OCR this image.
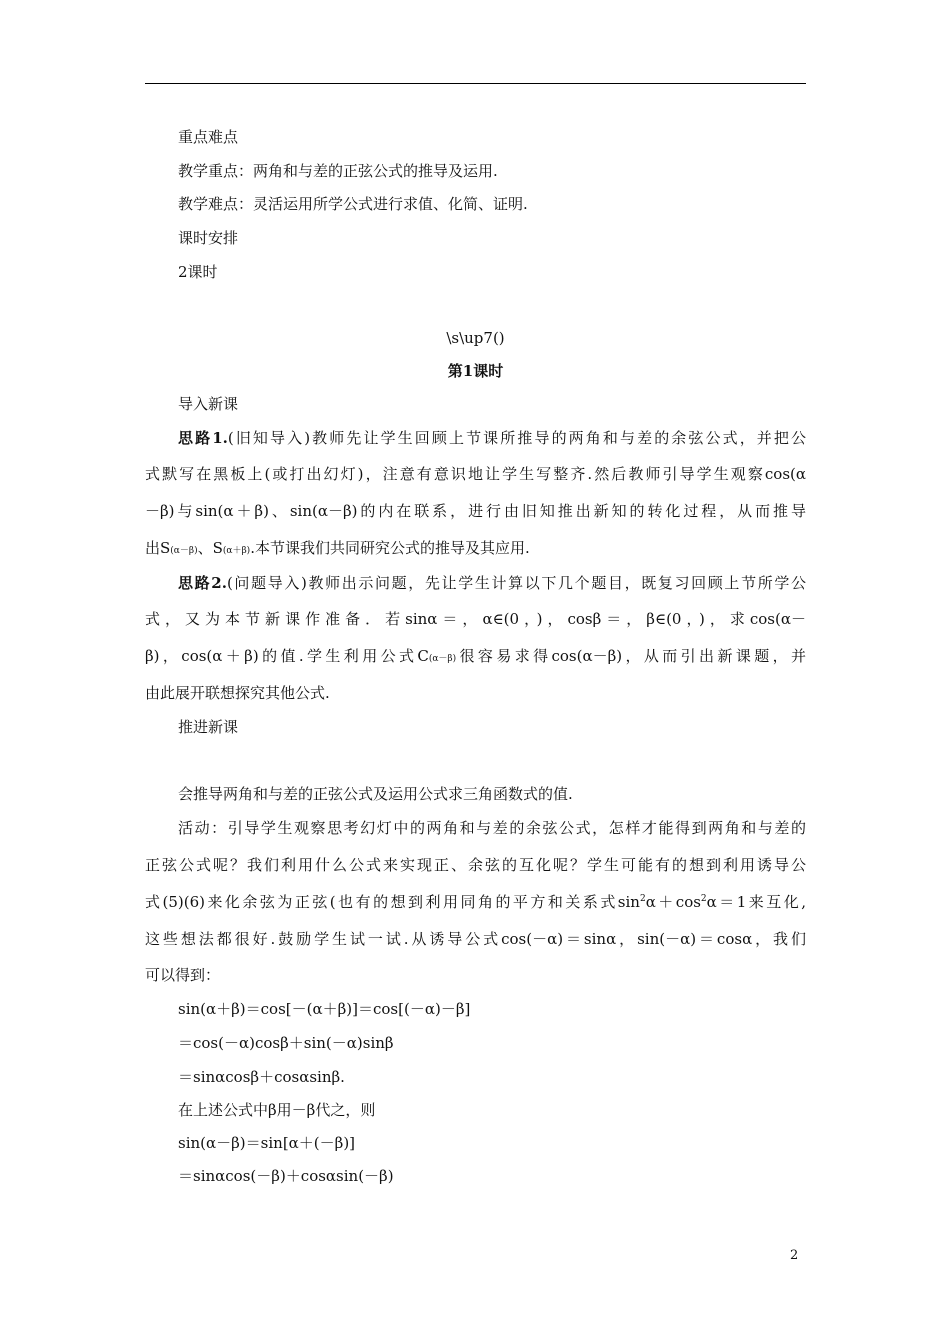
重点难点
教学重点：两角和与差的正弦公式的推导及运用.
教学难点：灵活运用所学公式进行求值、化简、证明.
课时安排
2课时
\s\up7()
第1课时
导入新课
思路1.(旧知导入)教师先让学生回顾上节课所推导的两角和与差的余弦公式，并把公
式默写在黑板上(或打出幻灯)，注意有意识地让学生写整齐.然后教师引导学生观察cos(α
－β)与sin(α＋β)、sin(α－β)的内在联系，进行由旧知推出新知的转化过程，从而推导
出S(α－β)、S(α＋β).本节课我们共同研究公式的推导及其应用.
思路2.(问题导入)教师出示问题，先让学生计算以下几个题目，既复习回顾上节所学公
式，又为本节新课作准备．若sinα＝，α∈(0，)，cosβ＝，β∈(0，)，求cos(α－
β)，cos(α＋β)的值.学生利用公式C(α－β)很容易求得cos(α－β)，从而引出新课题，并
由此展开联想探究其他公式.
推进新课
会推导两角和与差的正弦公式及运用公式求三角函数式的值.
活动：引导学生观察思考幻灯中的两角和与差的余弦公式，怎样才能得到两角和与差的
正弦公式呢？我们利用什么公式来实现正、余弦的互化呢？学生可能有的想到利用诱导公
式(5)(6)来化余弦为正弦(也有的想到利用同角的平方和关系式$\sin^2\alpha+\cos^2\alpha=1$来互化,
这些想法都很好.鼓励学生试一试.从诱导公式cos(－α)＝sinα，sin(－α)＝cosα，我们
可以得到：
sin(α＋β)＝cos[－(α＋β)]＝cos[(－α)－β]
＝cos(－α)cosβ＋sin(－α)sinβ
＝sinαcosβ＋cosαsinβ.
在上述公式中β用－β代之，则
sin(α－β)＝sin[α＋(－β)]
＝sinαcos(－β)＋cosαsin(－β)
2
